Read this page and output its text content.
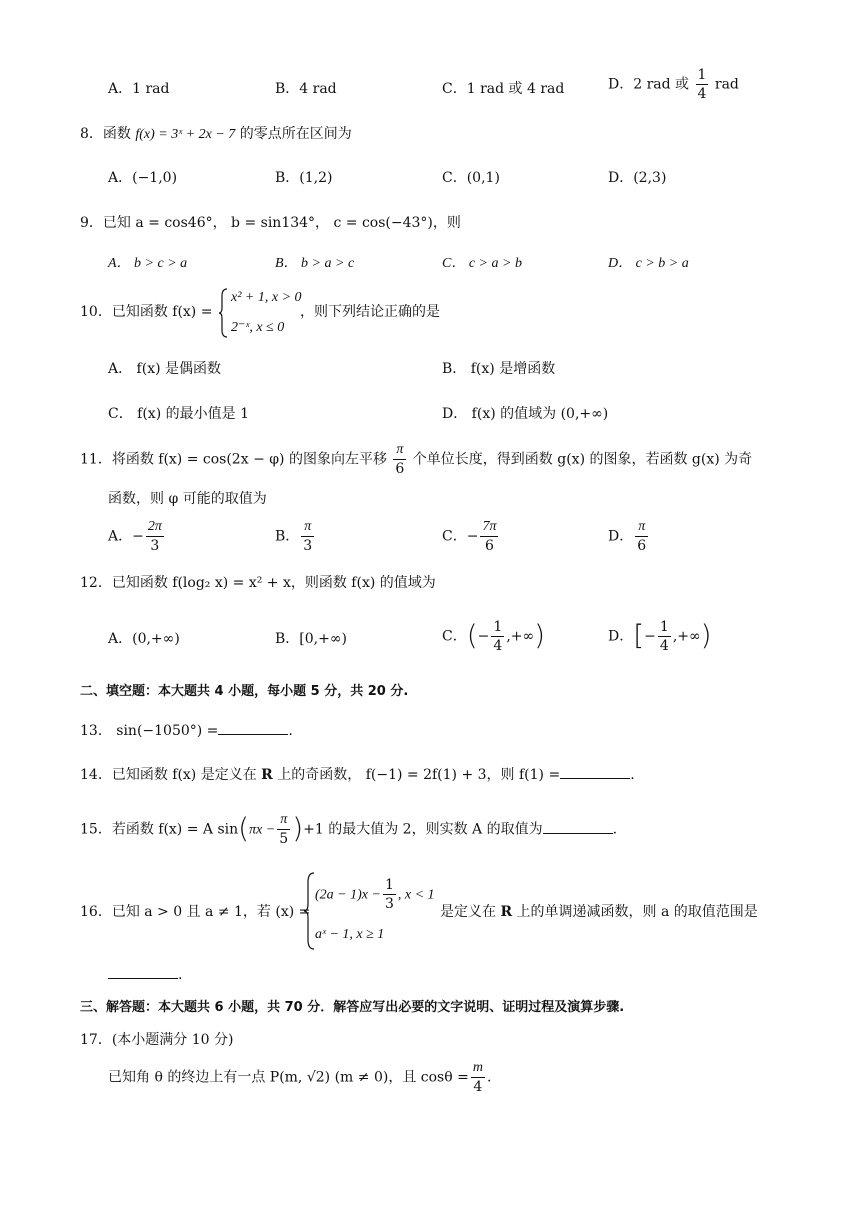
A．1 rad	B．4 rad	C．1 rad 或 4 rad	D．2 rad 或 $\frac{1}{4}$ rad
8．函数 f(x) = 3ˣ + 2x − 7 的零点所在区间为
A．(−1,0)	B．(1,2)	C．(0,1)	D．(2,3)
9．已知 a = cos46°， b = sin134°， c = cos(−43°)，则
A． b > c > a	B． b > a > c	C． c > a > b	D． c > b > a
10．已知函数 f(x) =
x² + 1, x > 0
2⁻ˣ, x ≤ 0
，则下列结论正确的是
A． f(x) 是偶函数	B． f(x) 是增函数
C． f(x) 的最小值是 1	D． f(x) 的值域为 (0,+∞)
11．将函数 f(x) = cos(2x − φ) 的图象向左平移 $\frac{\pi}{6}$ 个单位长度，得到函数 g(x) 的图象，若函数 g(x) 为奇
函数，则 φ 可能的取值为
A．− $\frac{2\pi}{3}$	B． $\frac{\pi}{3}$	C．− $\frac{7\pi}{6}$	D． $\frac{\pi}{6}$
12．已知函数 f(log₂ x) = x² + x，则函数 f(x) 的值域为
A．(0,+∞)	B．[0,+∞)	C．(− $\frac{1}{4}$ ,+∞)	D．[− $\frac{1}{4}$ ,+∞)
二、填空题：本大题共 4 小题，每小题 5 分，共 20 分.
13． sin(−1050°) =	.
14．已知函数 f(x) 是定义在 R 上的奇函数， f(−1) = 2f(1) + 3，则 f(1) =	.
15．若函数 f(x) = A $\sin(\pi x - \frac{\pi}{5} )+1$ 的最大值为 2，则实数 A 的取值为	.
16．已知 a > 0 且 a ≠ 1，若 (x) =
$(2a - 1)x - \frac{1}{3}$ , x < 1
aˣ − 1, x ≥ 1
是定义在 R 上的单调递减函数，则 a 的取值范围是
.
三、解答题：本大题共 6 小题，共 70 分．解答应写出必要的文字说明、证明过程及演算步骤.
17．(本小题满分 10 分)
已知角 θ 的终边上有一点 P(m, √2) (m ≠ 0)，且 $\cos\theta = \frac{m}{4}$ .
